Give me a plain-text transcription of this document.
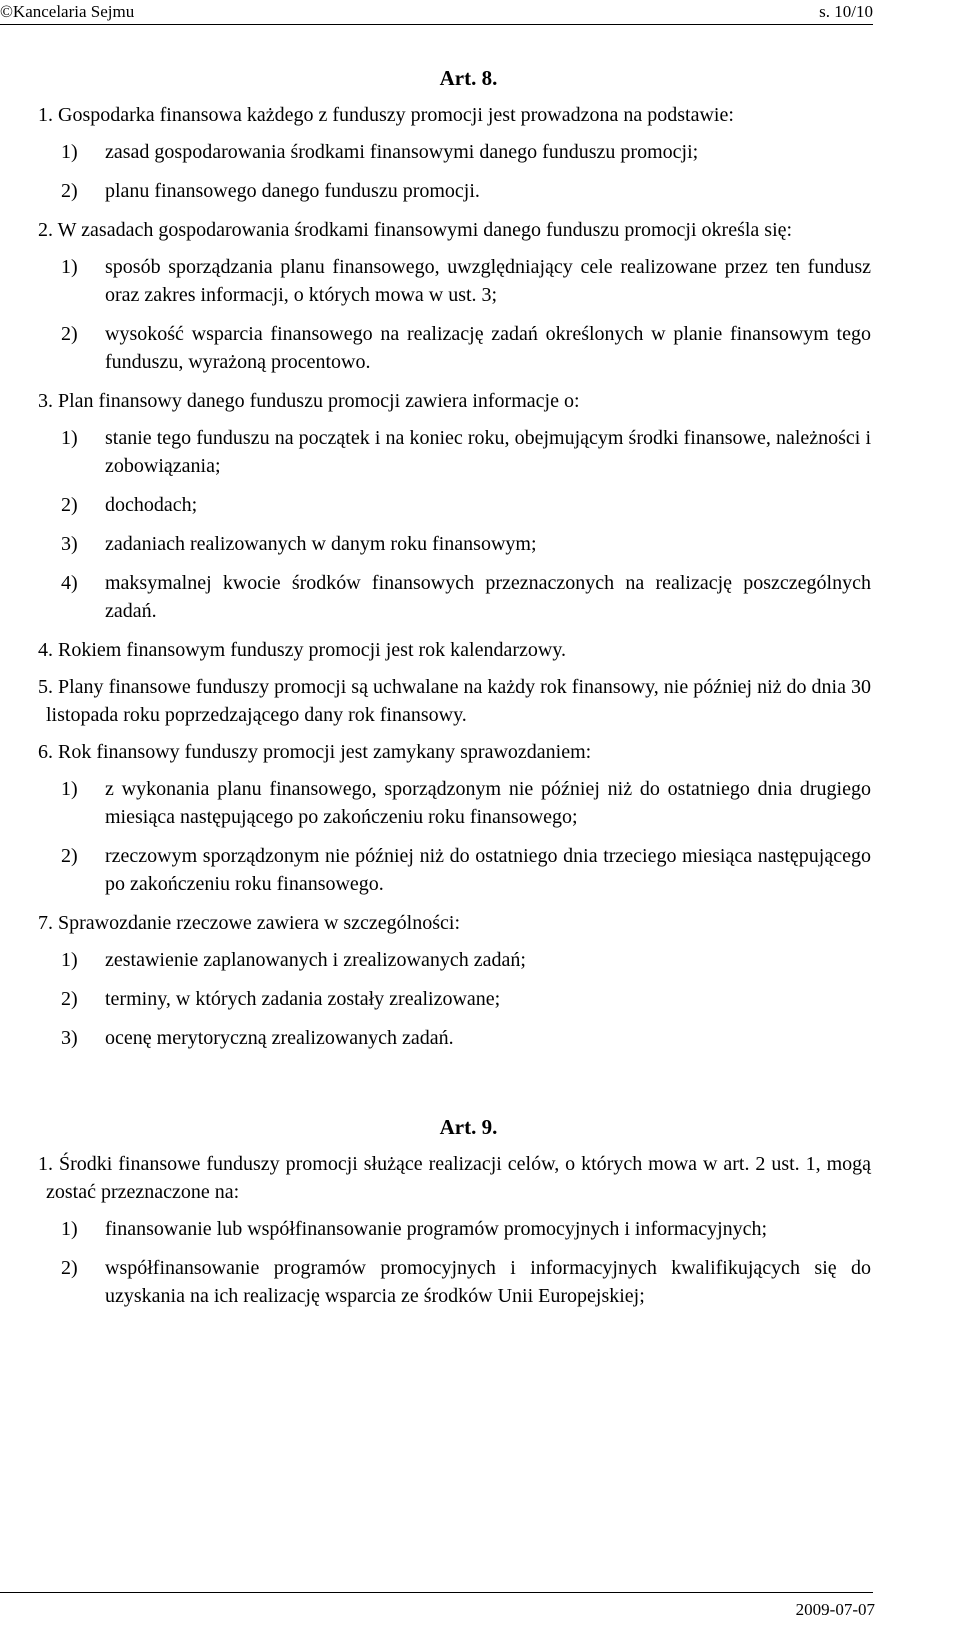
©Kancelaria Sejmu	s. 10/10
Art. 8.
1. Gospodarka finansowa każdego z funduszy promocji jest prowadzona na podstawie:
1)	zasad gospodarowania środkami finansowymi danego funduszu promocji;
2)	planu finansowego danego funduszu promocji.
2. W zasadach gospodarowania środkami finansowymi danego funduszu promocji określa się:
1)	sposób sporządzania planu finansowego, uwzględniający cele realizowane przez ten fundusz oraz zakres informacji, o których mowa w ust. 3;
2)	wysokość wsparcia finansowego na realizację zadań określonych w planie finansowym tego funduszu, wyrażoną procentowo.
3. Plan finansowy danego funduszu promocji zawiera informacje o:
1)	stanie tego funduszu na początek i na koniec roku, obejmującym środki finansowe, należności i zobowiązania;
2)	dochodach;
3)	zadaniach realizowanych w danym roku finansowym;
4)	maksymalnej kwocie środków finansowych przeznaczonych na realizację poszczególnych zadań.
4. Rokiem finansowym funduszy promocji jest rok kalendarzowy.
5. Plany finansowe funduszy promocji są uchwalane na każdy rok finansowy, nie później niż do dnia 30 listopada roku poprzedzającego dany rok finansowy.
6. Rok finansowy funduszy promocji jest zamykany sprawozdaniem:
1)	z wykonania planu finansowego, sporządzonym nie później niż do ostatniego dnia drugiego miesiąca następującego po zakończeniu roku finansowego;
2)	rzeczowym sporządzonym nie później niż do ostatniego dnia trzeciego miesiąca następującego po zakończeniu roku finansowego.
7. Sprawozdanie rzeczowe zawiera w szczególności:
1)	zestawienie zaplanowanych i zrealizowanych zadań;
2)	terminy, w których zadania zostały zrealizowane;
3)	ocenę merytoryczną zrealizowanych zadań.
Art. 9.
1. Środki finansowe funduszy promocji służące realizacji celów, o których mowa w art. 2 ust. 1, mogą zostać przeznaczone na:
1)	finansowanie lub współfinansowanie programów promocyjnych i informacyjnych;
2)	współfinansowanie programów promocyjnych i informacyjnych kwalifikujących się do uzyskania na ich realizację wsparcia ze środków Unii Europejskiej;
2009-07-07
